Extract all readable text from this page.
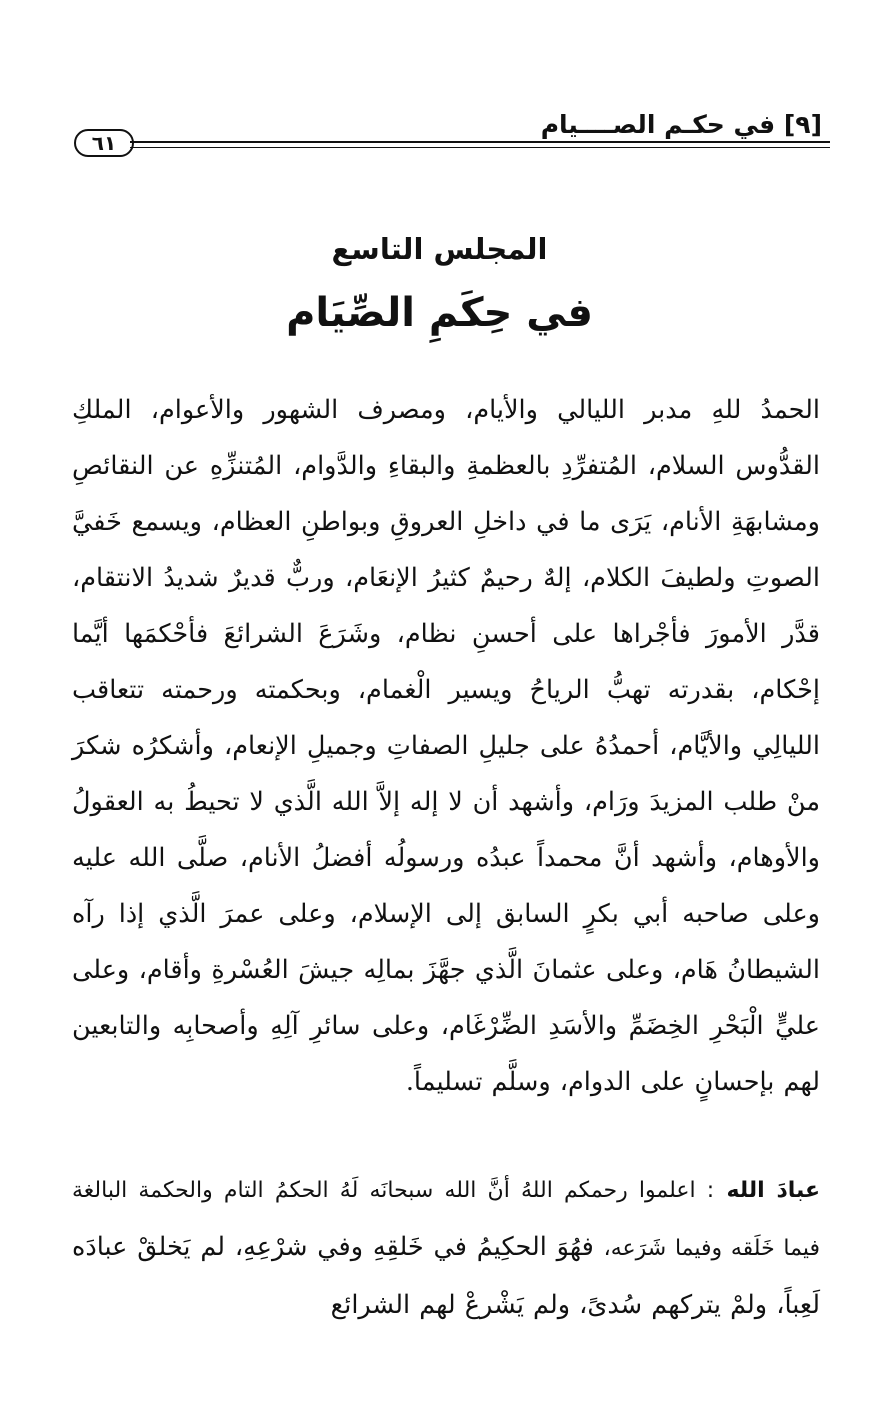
[٩] في حكـم الصــــيام
٦١
المجلس التاسع
في حِكَمِ الصِّيَام

الحمدُ للهِ مدبر الليالي والأيام، ومصرف الشهور والأعوام، الملكِ القدُّوس السلام، المُتفرِّدِ بالعظمةِ والبقاءِ والدَّوام، المُتنزِّهِ عن النقائصِ ومشابهَةِ الأنام، يَرَى ما في داخلِ العروقِ وبواطنِ العظام، ويسمع خَفيَّ الصوتِ ولطيفَ الكلام، إلهٌ رحيمٌ كثيرُ الإنعَام، وربٌّ قديرٌ شديدُ الانتقام، قدَّر الأمورَ فأجْراها على أحسنِ نظام، وشَرَعَ الشرائعَ فأحْكمَها أيَّما إحْكام، بقدرته تهبُّ الرياحُ ويسير الْغمام، وبحكمته ورحمته تتعاقب الليالِي والأيَّام، أحمدُهُ على جليلِ الصفاتِ وجميلِ الإنعام، وأشكرُه شكرَ منْ طلب المزيدَ ورَام، وأشهد أن لا إله إلاَّ الله الَّذي لا تحيطُ به العقولُ والأوهام، وأشهد أنَّ محمداً عبدُه ورسولُه أفضلُ الأنام، صلَّى الله عليه وعلى صاحبه أبي بكرٍ السابق إلى الإسلام، وعلى عمرَ الَّذي إذا رآه الشيطانُ هَام، وعلى عثمانَ الَّذي جهَّزَ بمالِه جيشَ العُسْرةِ وأقام، وعلى عليٍّ الْبَحْرِ الخِضَمِّ والأسَدِ الضِّرْغَام، وعلى سائرِ آلِهِ وأصحابِه والتابعين لهم بإحسانٍ على الدوام، وسلَّم تسليماً.

عبادَ الله : اعلموا رحمكم اللهُ أنَّ الله سبحانَه لَهُ الحكمُ التام والحكمة البالغة فيما خَلَقه وفيما شَرَعه، فهُوَ الحكِيمُ في خَلقِهِ وفي شرْعِهِ، لم يَخلقْ عبادَه لَعِباً، ولمْ يتركهم سُدىً، ولم يَشْرعْ لهم الشرائع
